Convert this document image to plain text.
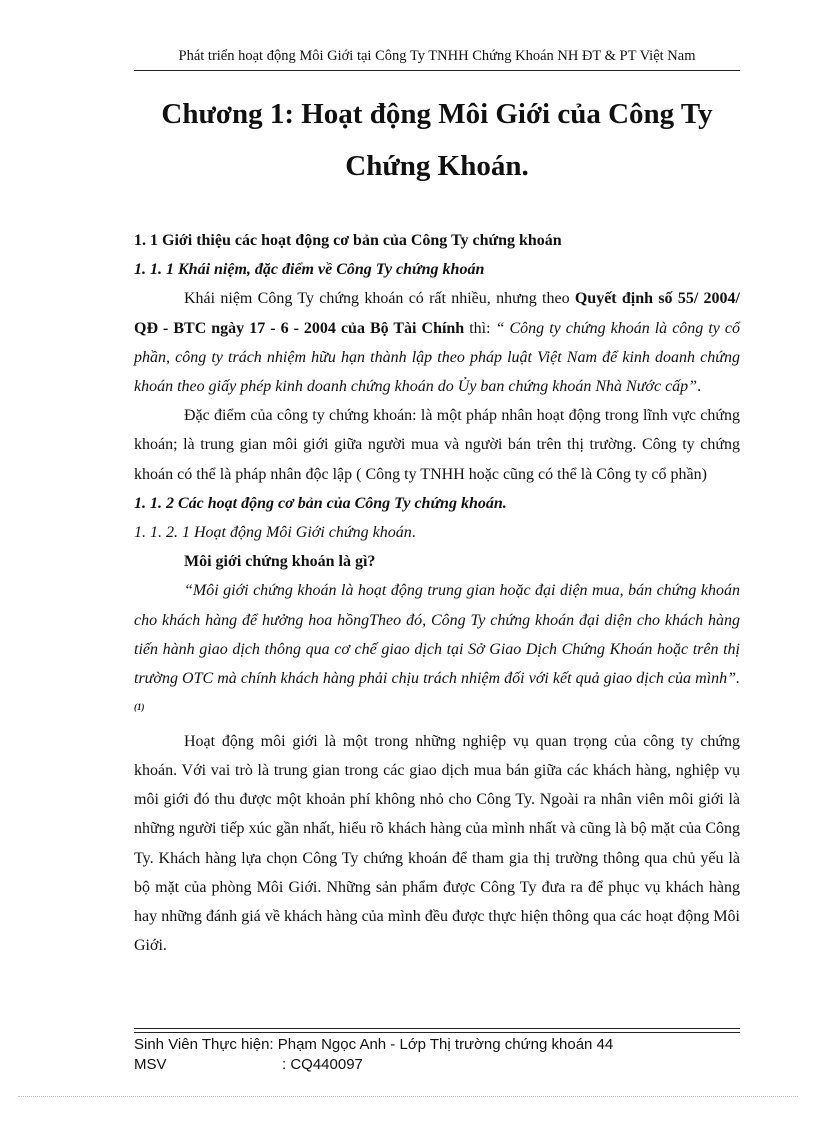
Phát triển hoạt động Môi Giới tại Công Ty TNHH Chứng Khoán NH ĐT & PT Việt Nam
Chương 1: Hoạt động Môi Giới của Công Ty
Chứng Khoán.

1. 1 Giới thiệu các hoạt động cơ bản của Công Ty chứng khoán

1. 1. 1 Khái niệm, đặc điểm về Công Ty chứng khoán

Khái niệm Công Ty chứng khoán có rất nhiều, nhưng theo Quyết định số 55/ 2004/ QĐ - BTC ngày 17 - 6 - 2004 của Bộ Tài Chính thì: “ Công ty chứng khoán là công ty cổ phần, công ty trách nhiệm hữu hạn thành lập theo pháp luật Việt Nam để kinh doanh chứng khoán theo giấy phép kinh doanh chứng khoán do Ủy ban chứng khoán Nhà Nước cấp”.

Đặc điểm của công ty chứng khoán: là một pháp nhân hoạt động trong lĩnh vực chứng khoán; là trung gian môi giới giữa người mua và người bán trên thị trường. Công ty chứng khoán có thể là pháp nhân độc lập ( Công ty TNHH hoặc cũng có thể là Công ty cổ phần)

1. 1. 2 Các hoạt động cơ bản của Công Ty chứng khoán.

1. 1. 2. 1 Hoạt động Môi Giới chứng khoán.

Môi giới chứng khoán là gì?

“Môi giới chứng khoán là hoạt động trung gian hoặc đại diện mua, bán chứng khoán cho khách hàng để hưởng hoa hồngTheo đó, Công Ty chứng khoán đại diện cho khách hàng tiến hành giao dịch thông qua cơ chế giao dịch tại Sở Giao Dịch Chứng Khoán hoặc trên thị trường OTC mà chính khách hàng phải chịu trách nhiệm đối với kết quả giao dịch của mình”.$^{(1)}$

Hoạt động môi giới là một trong những nghiệp vụ quan trọng của công ty chứng khoán. Với vai trò là trung gian trong các giao dịch mua bán giữa các khách hàng, nghiệp vụ môi giới đó thu được một khoản phí không nhỏ cho Công Ty. Ngoài ra nhân viên môi giới là những người tiếp xúc gần nhất, hiểu rõ khách hàng của mình nhất và cũng là bộ mặt của Công Ty. Khách hàng lựa chọn Công Ty chứng khoán để tham gia thị trường thông qua chủ yếu là bộ mặt của phòng Môi Giới. Những sản phẩm được Công Ty đưa ra để phục vụ khách hàng hay những đánh giá về khách hàng của mình đều được thực hiện thông qua các hoạt động Môi Giới.

Sinh Viên Thực hiện: Phạm Ngọc Anh - Lớp Thị trường chứng khoán 44
MSV	: CQ440097
